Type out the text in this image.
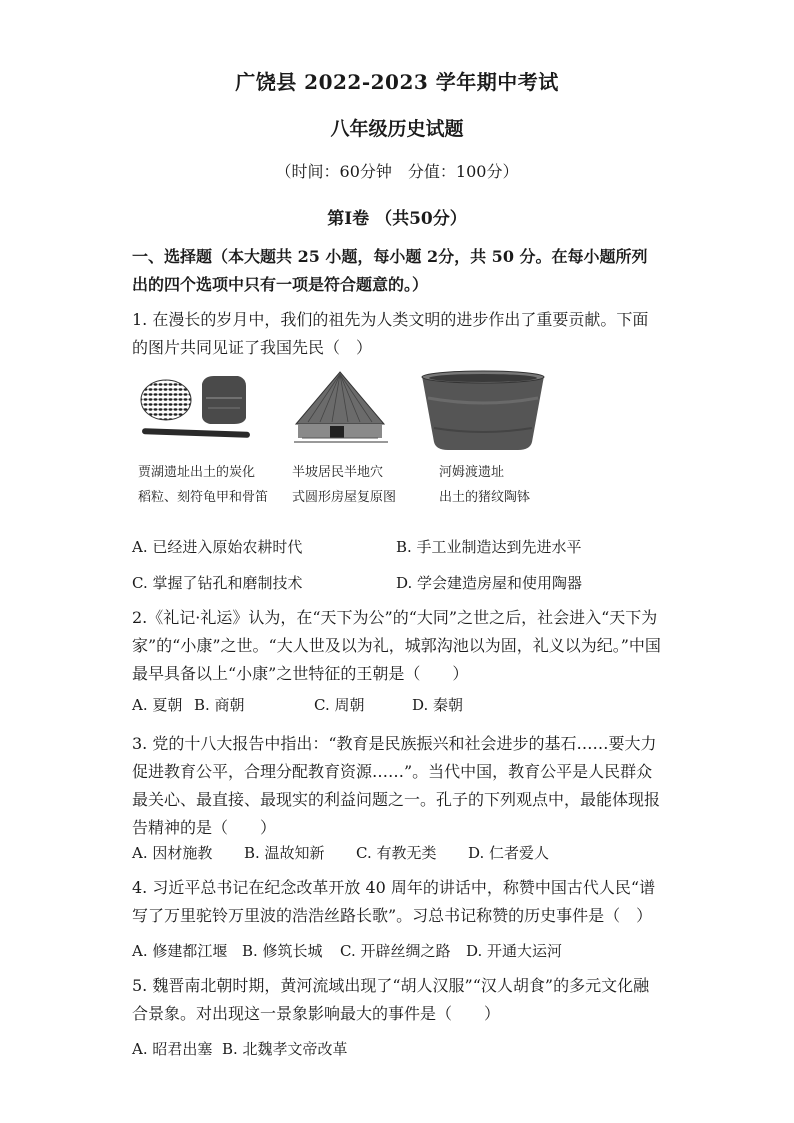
广饶县 2022-2023 学年期中考试
八年级历史试题
（时间：60分钟　分值：100分）
第Ⅰ卷 （共50分）
一、选择题（本大题共 25 小题，每小题 2分，共 50 分。在每小题所列出的四个选项中只有一项是符合题意的。）
1. 在漫长的岁月中，我们的祖先为人类文明的进步作出了重要贡献。下面的图片共同见证了我国先民（　）
贾湖遗址出土的炭化
稻粒、刻符龟甲和骨笛
半坡居民半地穴
式圆形房屋复原图
河姆渡遗址
出土的猪纹陶钵
A. 已经进入原始农耕时代	B. 手工业制造达到先进水平
C. 掌握了钻孔和磨制技术	D. 学会建造房屋和使用陶器
2.《礼记·礼运》认为，在“天下为公”的“大同”之世之后，社会进入“天下为家”的“小康”之世。“大人世及以为礼，城郭沟池以为固，礼义以为纪。”中国最早具备以上“小康”之世特征的王朝是（　　）
A. 夏朝 B. 商朝	C. 周朝	D. 秦朝
3. 党的十八大报告中指出：“教育是民族振兴和社会进步的基石……要大力促进教育公平，合理分配教育资源……”。当代中国，教育公平是人民群众最关心、最直接、最现实的利益问题之一。孔子的下列观点中，最能体现报告精神的是（　　）
A. 因材施教 B. 温故知新 C. 有教无类 D. 仁者爱人
4. 习近平总书记在纪念改革开放 40 周年的讲话中，称赞中国古代人民“谱写了万里驼铃万里波的浩浩丝路长歌”。习总书记称赞的历史事件是（　）
A. 修建都江堰 B. 修筑长城 C. 开辟丝绸之路 D. 开通大运河
5. 魏晋南北朝时期，黄河流域出现了“胡人汉服”“汉人胡食”的多元文化融合景象。对出现这一景象影响最大的事件是（　　）
A. 昭君出塞 B. 北魏孝文帝改革
